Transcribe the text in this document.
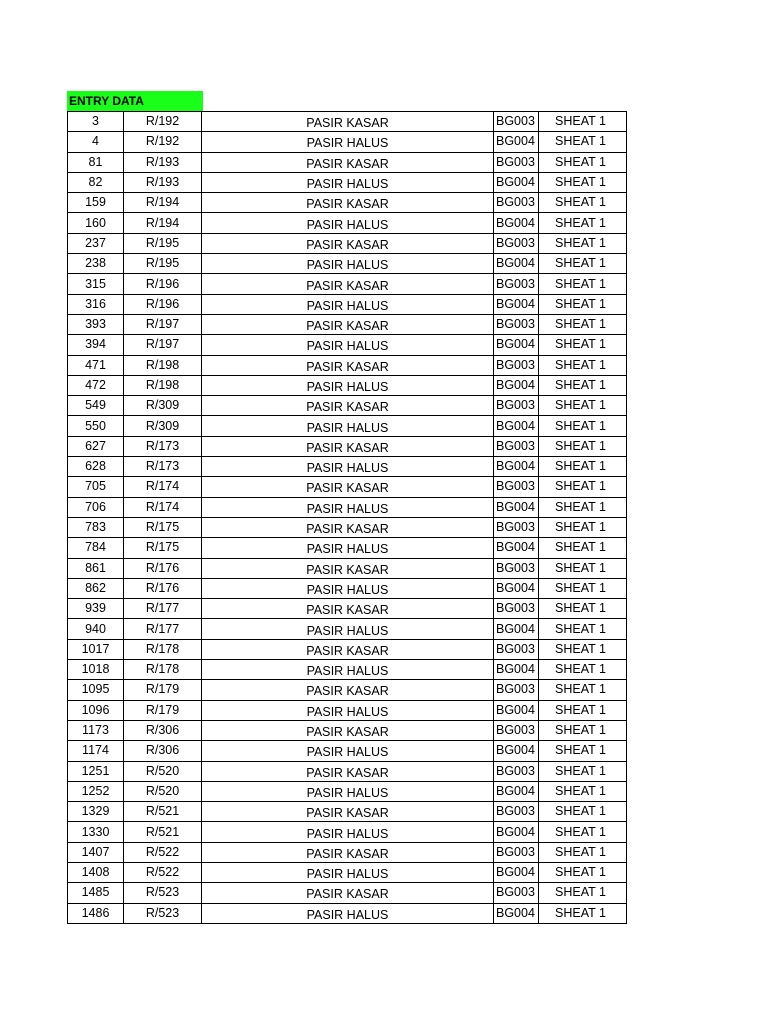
ENTRY DATA
3	R/192	PASIR KASAR	BG003	SHEAT 1
4	R/192	PASIR HALUS	BG004	SHEAT 1
81	R/193	PASIR KASAR	BG003	SHEAT 1
82	R/193	PASIR HALUS	BG004	SHEAT 1
159	R/194	PASIR KASAR	BG003	SHEAT 1
160	R/194	PASIR HALUS	BG004	SHEAT 1
237	R/195	PASIR KASAR	BG003	SHEAT 1
238	R/195	PASIR HALUS	BG004	SHEAT 1
315	R/196	PASIR KASAR	BG003	SHEAT 1
316	R/196	PASIR HALUS	BG004	SHEAT 1
393	R/197	PASIR KASAR	BG003	SHEAT 1
394	R/197	PASIR HALUS	BG004	SHEAT 1
471	R/198	PASIR KASAR	BG003	SHEAT 1
472	R/198	PASIR HALUS	BG004	SHEAT 1
549	R/309	PASIR KASAR	BG003	SHEAT 1
550	R/309	PASIR HALUS	BG004	SHEAT 1
627	R/173	PASIR KASAR	BG003	SHEAT 1
628	R/173	PASIR HALUS	BG004	SHEAT 1
705	R/174	PASIR KASAR	BG003	SHEAT 1
706	R/174	PASIR HALUS	BG004	SHEAT 1
783	R/175	PASIR KASAR	BG003	SHEAT 1
784	R/175	PASIR HALUS	BG004	SHEAT 1
861	R/176	PASIR KASAR	BG003	SHEAT 1
862	R/176	PASIR HALUS	BG004	SHEAT 1
939	R/177	PASIR KASAR	BG003	SHEAT 1
940	R/177	PASIR HALUS	BG004	SHEAT 1
1017	R/178	PASIR KASAR	BG003	SHEAT 1
1018	R/178	PASIR HALUS	BG004	SHEAT 1
1095	R/179	PASIR KASAR	BG003	SHEAT 1
1096	R/179	PASIR HALUS	BG004	SHEAT 1
1173	R/306	PASIR KASAR	BG003	SHEAT 1
1174	R/306	PASIR HALUS	BG004	SHEAT 1
1251	R/520	PASIR KASAR	BG003	SHEAT 1
1252	R/520	PASIR HALUS	BG004	SHEAT 1
1329	R/521	PASIR KASAR	BG003	SHEAT 1
1330	R/521	PASIR HALUS	BG004	SHEAT 1
1407	R/522	PASIR KASAR	BG003	SHEAT 1
1408	R/522	PASIR HALUS	BG004	SHEAT 1
1485	R/523	PASIR KASAR	BG003	SHEAT 1
1486	R/523	PASIR HALUS	BG004	SHEAT 1
